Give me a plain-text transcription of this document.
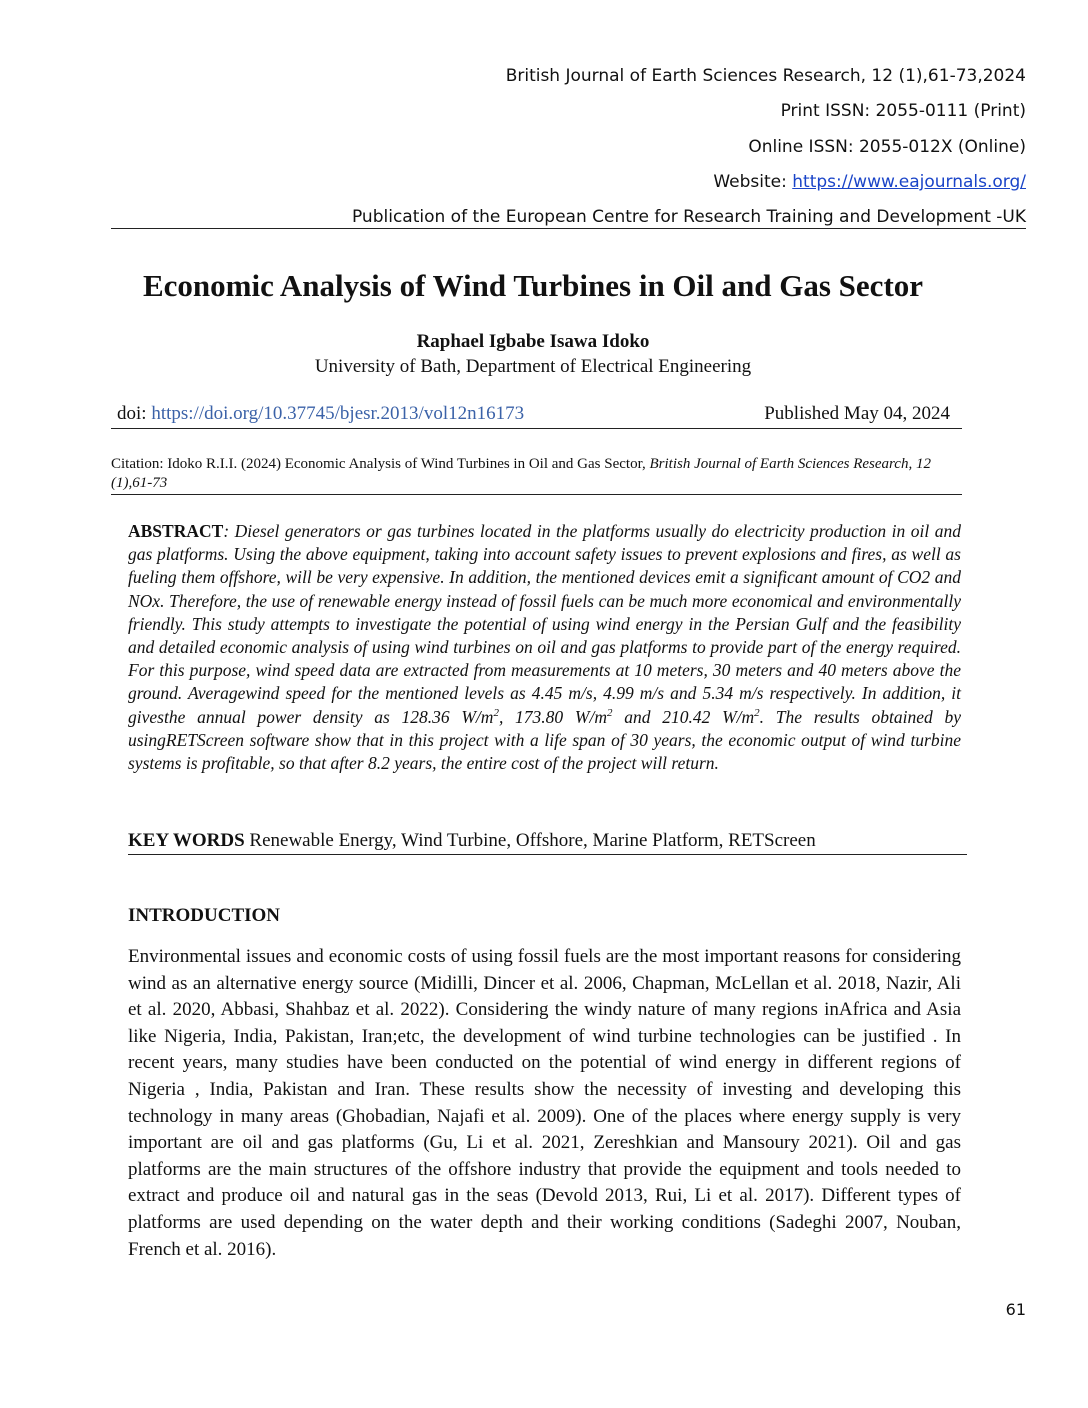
British Journal of Earth Sciences Research, 12 (1),61-73,2024
Print ISSN: 2055-0111 (Print)
Online ISSN: 2055-012X (Online)
Website: https://www.eajournals.org/
Publication of the European Centre for Research Training and Development -UK
Economic Analysis of Wind Turbines in Oil and Gas Sector
Raphael Igbabe Isawa Idoko
University of Bath, Department of Electrical Engineering
doi: https://doi.org/10.37745/bjesr.2013/vol12n16173	Published May 04, 2024
Citation: Idoko R.I.I. (2024) Economic Analysis of Wind Turbines in Oil and Gas Sector, British Journal of Earth Sciences Research, 12 (1),61-73
ABSTRACT: Diesel generators or gas turbines located in the platforms usually do electricity production in oil and gas platforms. Using the above equipment, taking into account safety issues to prevent explosions and fires, as well as fueling them offshore, will be very expensive. In addition, the mentioned devices emit a significant amount of CO2 and NOx. Therefore, the use of renewable energy instead of fossil fuels can be much more economical and environmentally friendly. This study attempts to investigate the potential of using wind energy in the Persian Gulf and the feasibility and detailed economic analysis of using wind turbines on oil and gas platforms to provide part of the energy required. For this purpose, wind speed data are extracted from measurements at 10 meters, 30 meters and 40 meters above the ground. Averagewind speed for the mentioned levels as 4.45 m/s, 4.99 m/s and 5.34 m/s respectively. In addition, it givesthe annual power density as 128.36 $W/m^2$, 173.80 $W/m^2$ and 210.42 $W/m^2$. The results obtained by usingRETScreen software show that in this project with a life span of 30 years, the economic output of wind turbine systems is profitable, so that after 8.2 years, the entire cost of the project will return.
KEY WORDS Renewable Energy, Wind Turbine, Offshore, Marine Platform, RETScreen
INTRODUCTION
Environmental issues and economic costs of using fossil fuels are the most important reasons for considering wind as an alternative energy source (Midilli, Dincer et al. 2006, Chapman, McLellan et al. 2018, Nazir, Ali et al. 2020, Abbasi, Shahbaz et al. 2022). Considering the windy nature of many regions inAfrica and Asia like Nigeria, India, Pakistan, Iran;etc, the development of wind turbine technologies can be justified . In recent years, many studies have been conducted on the potential of wind energy in different regions of Nigeria , India, Pakistan and Iran. These results show the necessity of investing and developing this technology in many areas (Ghobadian, Najafi et al. 2009). One of the places where energy supply is very important are oil and gas platforms (Gu, Li et al. 2021, Zereshkian and Mansoury 2021). Oil and gas platforms are the main structures of the offshore industry that provide the equipment and tools needed to extract and produce oil and natural gas in the seas (Devold 2013, Rui, Li et al. 2017). Different types of platforms are used depending on the water depth and their working conditions (Sadeghi 2007, Nouban, French et al. 2016).
61
